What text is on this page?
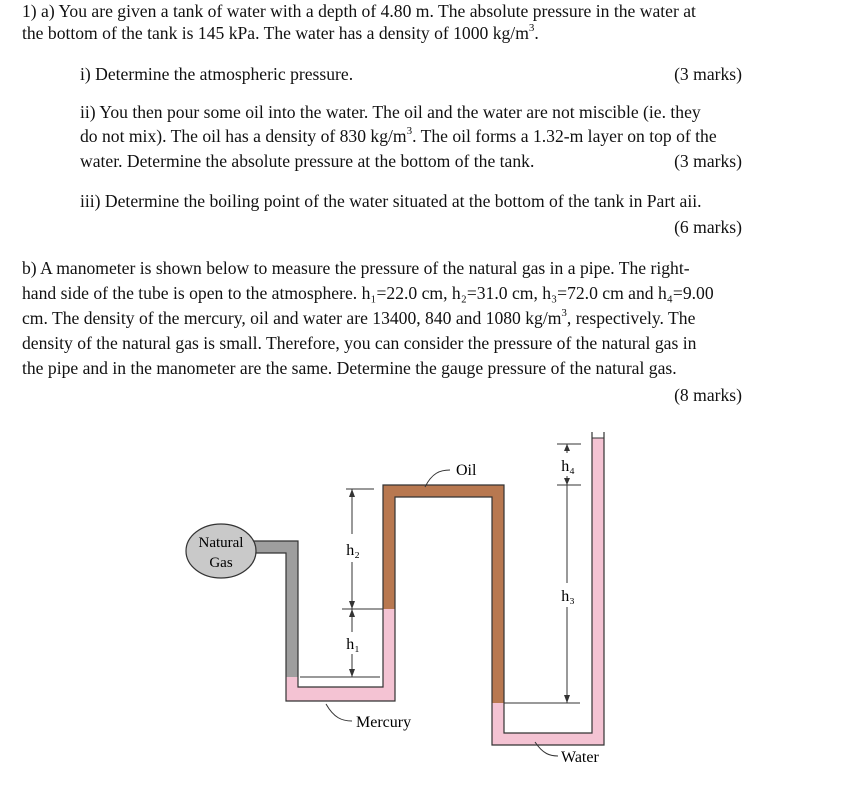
1) a) You are given a tank of water with a depth of 4.80 m. The absolute pressure in the water at
the bottom of the tank is 145 kPa. The water has a density of 1000 $kg/m^3$.
i) Determine the atmospheric pressure.	(3 marks)
ii) You then pour some oil into the water. The oil and the water are not miscible (ie. they
do not mix). The oil has a density of 830 $kg/m^3$. The oil forms a 1.32-m layer on top of the
water. Determine the absolute pressure at the bottom of the tank.	(3 marks)
iii) Determine the boiling point of the water situated at the bottom of the tank in Part aii.
(6 marks)
b) A manometer is shown below to measure the pressure of the natural gas in a pipe. The right-
hand side of the tube is open to the atmosphere. h₁=22.0 cm, h₂=31.0 cm, h₃=72.0 cm and h₄=9.00
cm. The density of the mercury, oil and water are 13400, 840 and 1080 $kg/m^3$, respectively. The
density of the natural gas is small. Therefore, you can consider the pressure of the natural gas in
the pipe and in the manometer are the same. Determine the gauge pressure of the natural gas.
(8 marks)
Natural
Gas
h₂
h₁
h₄
h₃
Oil
Mercury
Water
